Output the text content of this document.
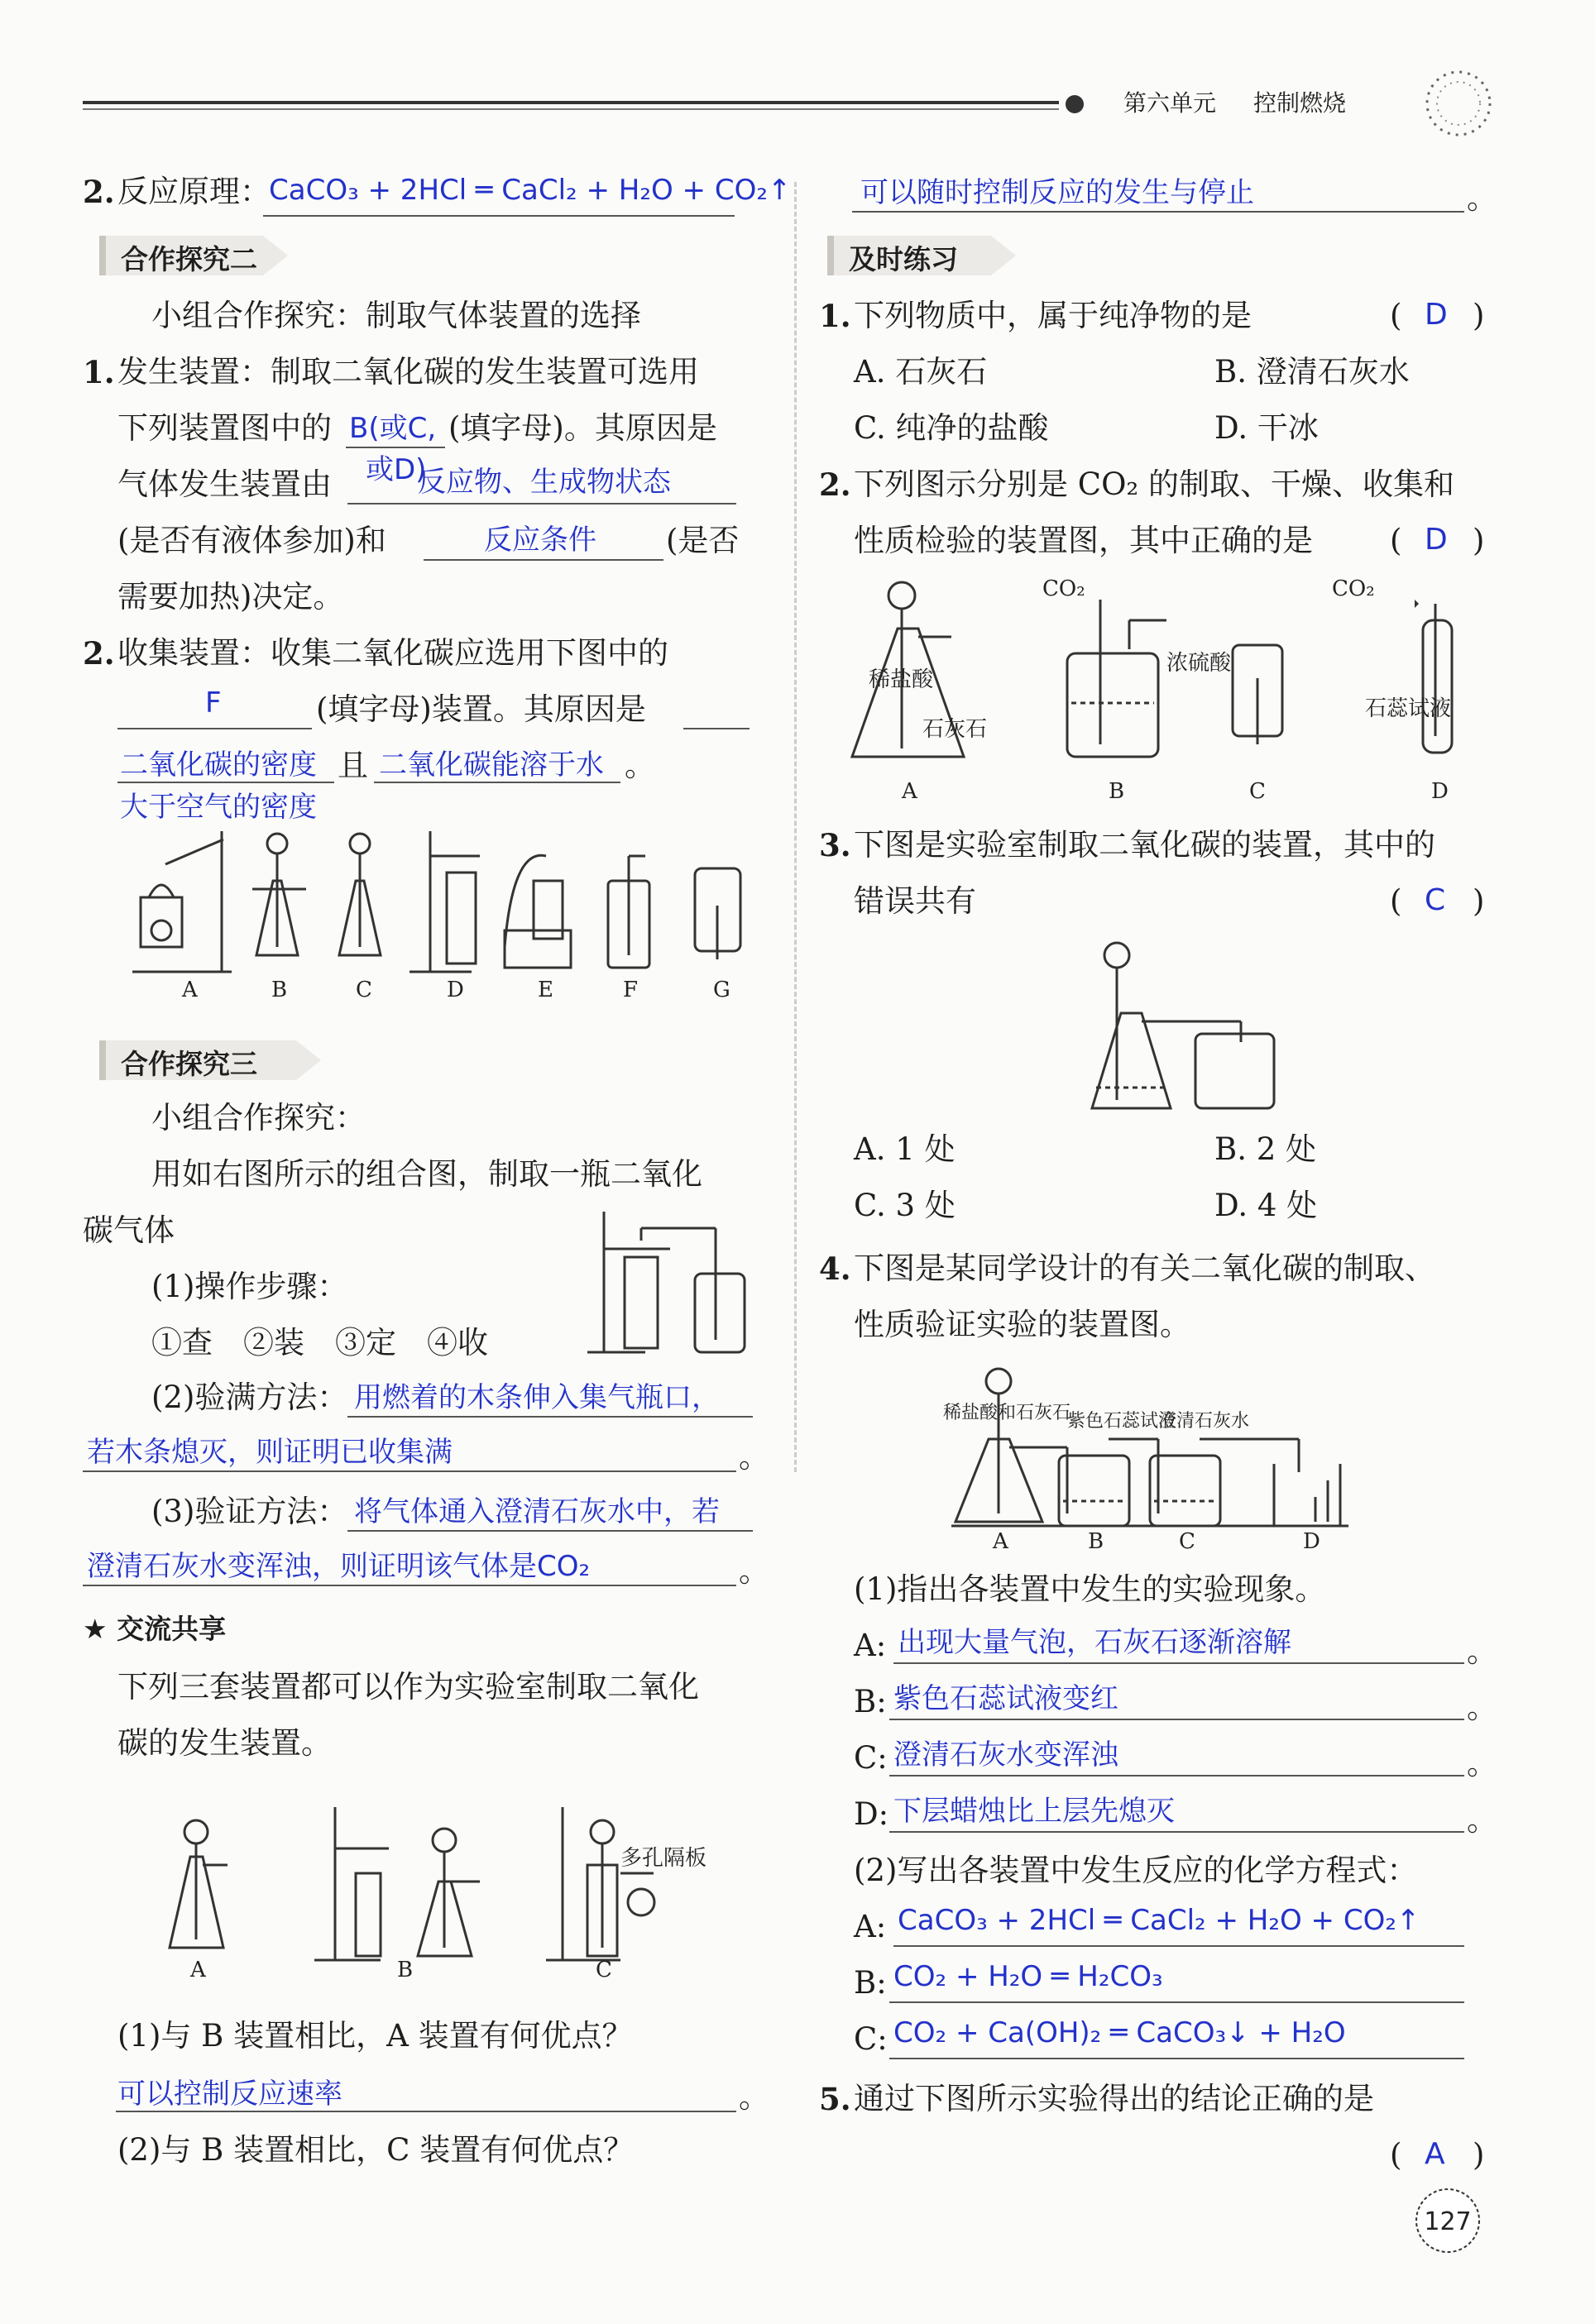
第六单元 控制燃烧
2. 反应原理：
CaCO₃ + 2HCl ═ CaCl₂ + H₂O + CO₂↑
合作探究二
小组合作探究：制取气体装置的选择
1. 发生装置：制取二氧化碳的发生装置可选用
下列装置图中的 B(或C, (填字母)。其原因是
气体发生装置由 或D)
反应物、生成物状态
(是否有液体参加)和	反应条件 (是否
需要加热)决定。
2. 收集装置：收集二氧化碳应选用下图中的
F	(填字母)装置。其原因是
二氧化碳的密度 且 二氧化碳能溶于水 。
大于空气的密度
A	B	C	D	E	F	G
合作探究三
小组合作探究：
用如右图所示的组合图，制取一瓶二氧化
碳气体
(1)操作步骤：
①查　②装　③定　④收
(2)验满方法： 用燃着的木条伸入集气瓶口，
若木条熄灭，则证明已收集满	。
(3)验证方法： 将气体通入澄清石灰水中，若
澄清石灰水变浑浊，则证明该气体是CO₂	。
★ 交流共享
下列三套装置都可以作为实验室制取二氧化
碳的发生装置。
多孔隔板
A	B	C
(1)与 B 装置相比，A 装置有何优点？
可以控制反应速率	。
(2)与 B 装置相比，C 装置有何优点？
可以随时控制反应的发生与停止	。
及时练习
1. 下列物质中，属于纯净物的是	( D )
A. 石灰石	B. 澄清石灰水
C. 纯净的盐酸	D. 干冰
2. 下列图示分别是 CO₂ 的制取、干燥、收集和
性质检验的装置图，其中正确的是	( D )
稀盐酸
石灰石
浓硫酸
石蕊试液
CO₂	CO₂
A	B	C	D
3. 下图是实验室制取二氧化碳的装置，其中的
错误共有	( C )
A. 1 处	B. 2 处
C. 3 处	D. 4 处
4. 下图是某同学设计的有关二氧化碳的制取、
性质验证实验的装置图。
稀盐酸和石灰石
紫色石蕊试液
澄清石灰水
A	B	C	D
(1)指出各装置中发生的实验现象。
A: 出现大量气泡，石灰石逐渐溶解	。
B: 紫色石蕊试液变红	。
C: 澄清石灰水变浑浊	。
D: 下层蜡烛比上层先熄灭	。
(2)写出各装置中发生反应的化学方程式：
A: CaCO₃ + 2HCl ═ CaCl₂ + H₂O + CO₂↑
B: CO₂ + H₂O ═ H₂CO₃
C: CO₂ + Ca(OH)₂ ═ CaCO₃↓ + H₂O
5. 通过下图所示实验得出的结论正确的是
( A )
127
